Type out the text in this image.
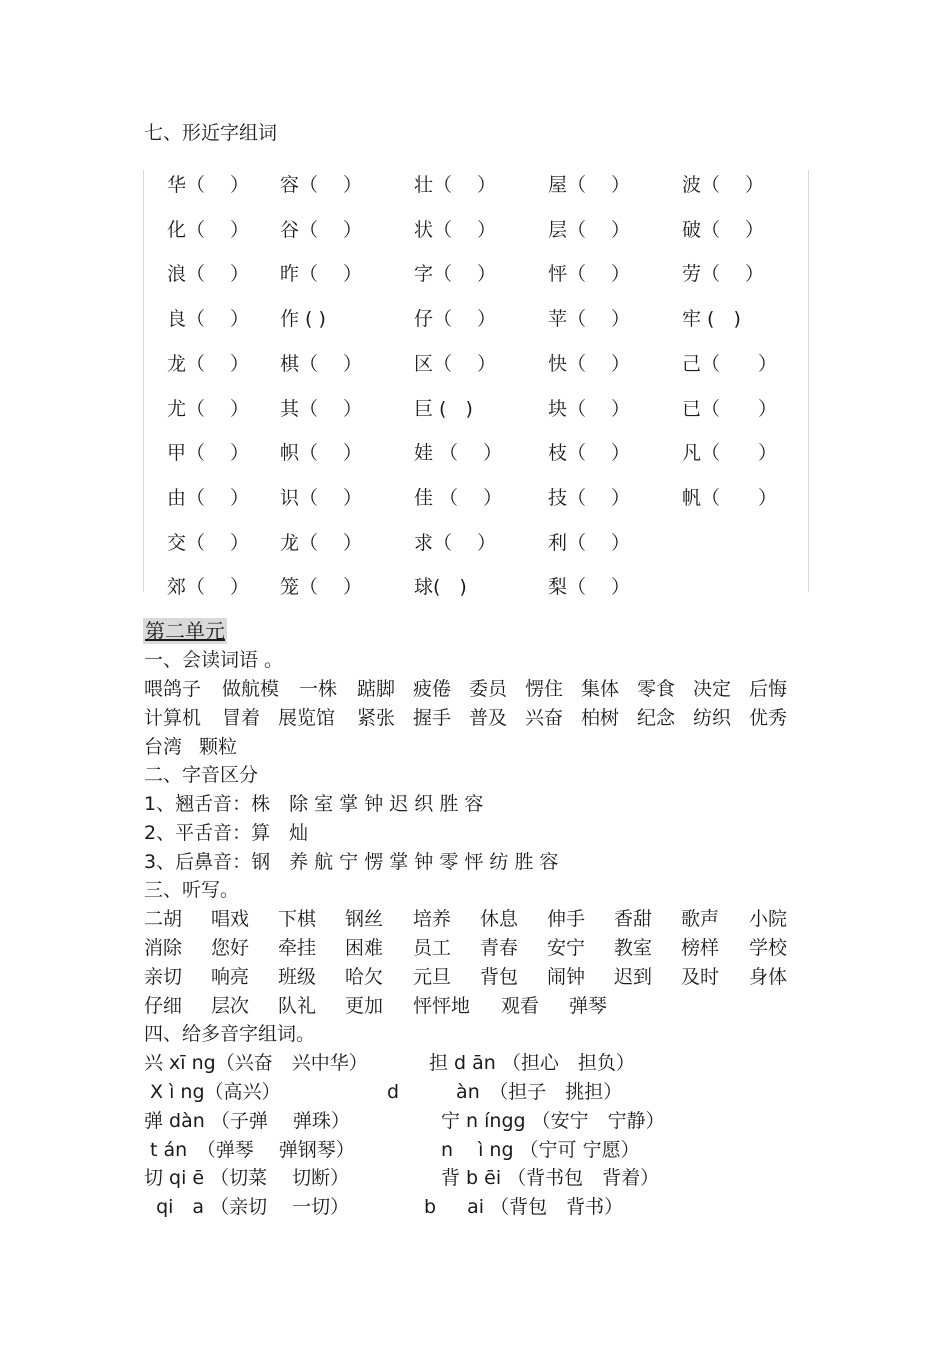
七、形近字组词
华（　 ） 容（　 ）	壮（　 ）	屋（　 ）	波（　 ）
化（　 ） 谷（　 ）	状（　 ）	层（　 ）	破（　 ）
浪（　 ） 昨（　 ）	字（　 ）	怦（　 ）	劳（　 ）
良（　 ） 作 ( )	仔（　 ）	苹（　 ）	牢 (　)
龙（　 ） 棋（　 ）	区（　 ）	快（　 ）	己（　　）
尤（　 ） 其（　 ）	巨 (　)	块（　 ）	已（　　）
甲（　 ） 帜（　 ）	娃 （　 ） 枝（　 ）	凡（　　）
由（　 ） 识（　 ）	佳 （　 ） 技（　 ）	帆（　　）
交（　 ） 龙（　 ）	求（　 ）	利（　 ）
郊（　 ） 笼（　 ）	球(　)	梨（　 ）
第二单元
一、会读词语 。
喂鸽子 做航模 一株 踮脚 疲倦 委员 愣住 集体 零食 决定 后悔
计算机 冒着 展览馆 紧张 握手 普及 兴奋 柏树 纪念 纺织 优秀
台湾 颗粒
二、字音区分
1、翘舌音：株　除 室 掌 钟 迟 织 胜 容
2、平舌音：算　灿
3、后鼻音：钢　养 航 宁 愣 掌 钟 零 怦 纺 胜 容
三、听写。
二胡 唱戏 下棋 钢丝 培养 休息 伸手 香甜 歌声 小院
消除 您好 牵挂 困难 员工 青春 安宁 教室 榜样 学校
亲切 响亮 班级 哈欠 元旦 背包 闹钟 迟到 及时 身体
仔细 层次 队礼 更加 怦怦地 观看 弹琴
四、给多音字组词。
兴 xī ng（兴奋　兴中华）	担 d ān （担心　担负）
X ì ng（高兴）	d　　　àn　（担子　挑担）
弹 dàn （子弹　 弹珠）	宁 n íngg （安宁　宁静）
t án　（弹琴　 弹钢琴）	n　 ì ng （宁可 宁愿）
切 qi ē （切菜　 切断）	背 b ēi （背书包　背着）
qi　a （亲切　 一切）	b　  ai （背包　背书）
